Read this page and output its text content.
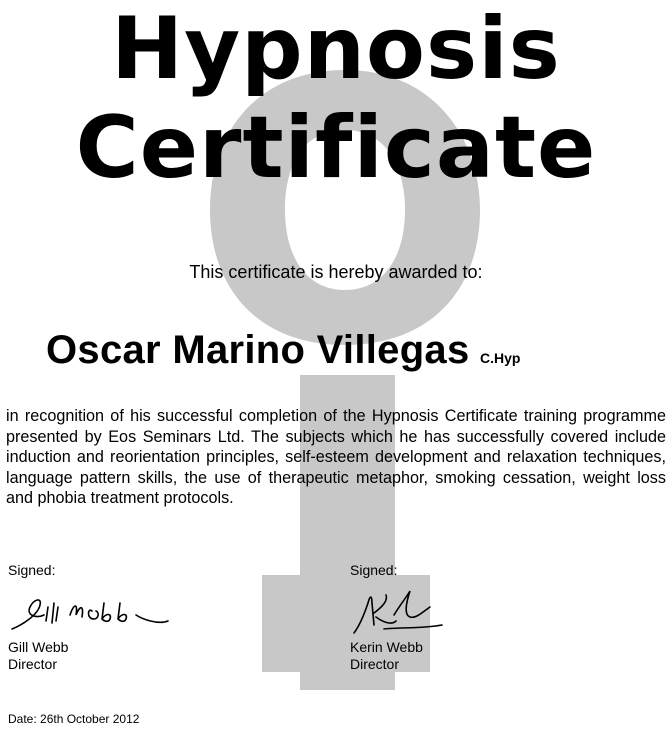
Hypnosis
Certificate
This certificate is hereby awarded to:
Oscar Marino Villegas C.Hyp
in recognition of his successful completion of the Hypnosis Certificate training programme presented by Eos Seminars Ltd. The subjects which he has successfully covered include induction and reorientation principles, self-esteem development and relaxation techniques, language pattern skills, the use of therapeutic metaphor, smoking cessation, weight loss and phobia treatment protocols.
Signed:
Gill Webb
Director
Signed:
Kerin Webb
Director
Date: 26th October 2012
